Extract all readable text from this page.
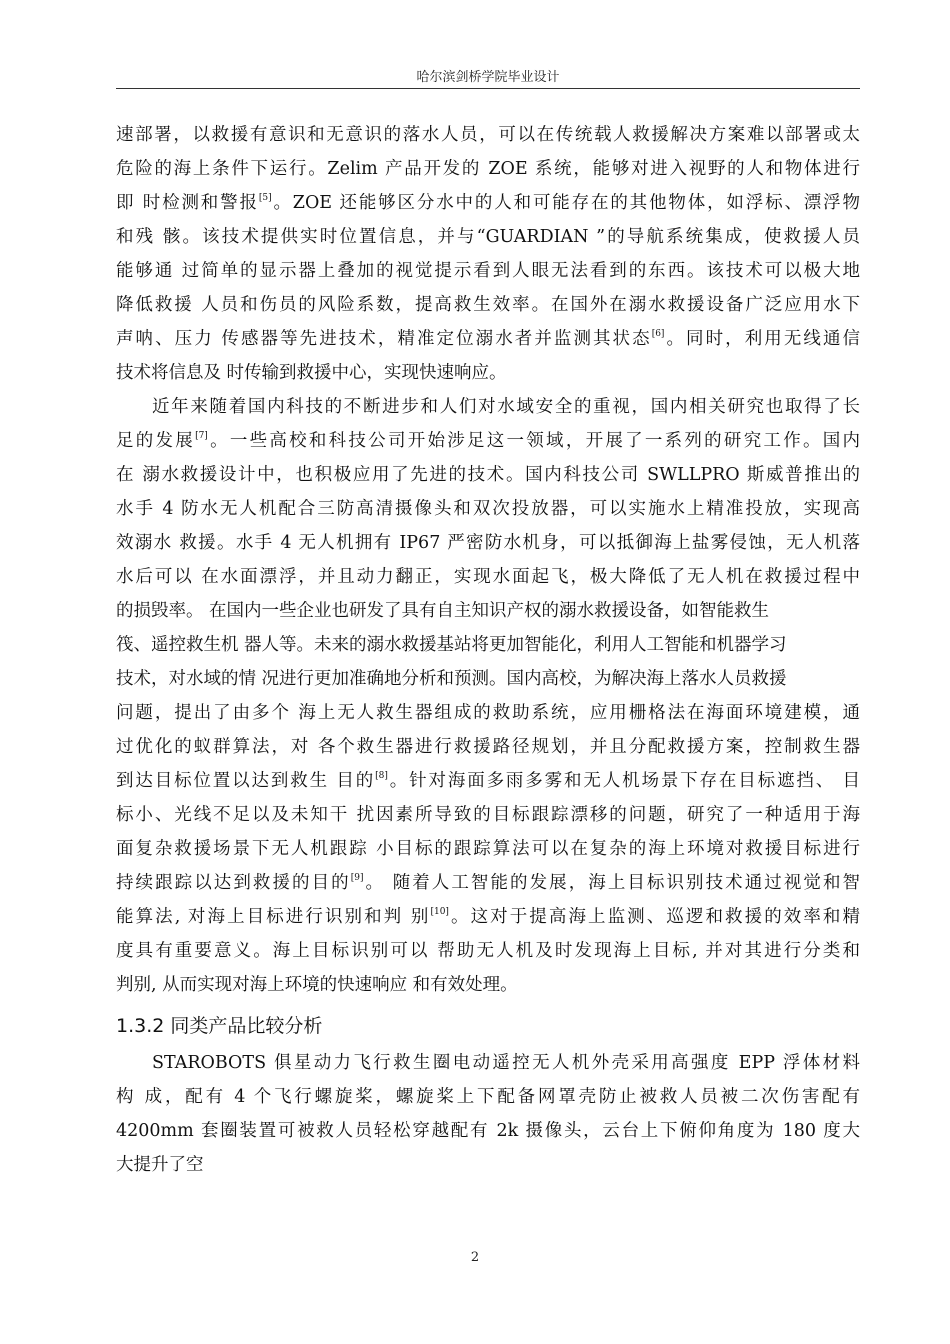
哈尔滨剑桥学院毕业设计
速部署，以救援有意识和无意识的落水人员，可以在传统载人救援解决方案难以部署或太
危险的海上条件下运行。Zelim 产品开发的 ZOE 系统，能够对进入视野的人和物体进行
即 时检测和警报[5]。ZOE 还能够区分水中的人和可能存在的其他物体，如浮标、漂浮物
和残 骸。该技术提供实时位置信息，并与“GUARDIAN ”的导航系统集成，使救援人员
能够通 过简单的显示器上叠加的视觉提示看到人眼无法看到的东西。该技术可以极大地
降低救援 人员和伤员的风险系数，提高救生效率。在国外在溺水救援设备广泛应用水下
声呐、压力 传感器等先进技术，精准定位溺水者并监测其状态[6]。同时，利用无线通信
技术将信息及 时传输到救援中心，实现快速响应。
近年来随着国内科技的不断进步和人们对水域安全的重视，国内相关研究也取得了长
足的发展[7]。一些高校和科技公司开始涉足这一领域，开展了一系列的研究工作。国内
在 溺水救援设计中，也积极应用了先进的技术。国内科技公司 SWLLPRO 斯威普推出的
水手 4 防水无人机配合三防高清摄像头和双次投放器，可以实施水上精准投放，实现高
效溺水 救援。水手 4 无人机拥有 IP67 严密防水机身，可以抵御海上盐雾侵蚀，无人机落
水后可以 在水面漂浮，并且动力翻正，实现水面起飞，极大降低了无人机在救援过程中
的损毁率。 在国内一些企业也研发了具有自主知识产权的溺水救援设备，如智能救生
筏、遥控救生机 器人等。未来的溺水救援基站将更加智能化，利用人工智能和机器学习
技术，对水域的情 况进行更加准确地分析和预测。国内高校，为解决海上落水人员救援
问题，提出了由多个 海上无人救生器组成的救助系统，应用栅格法在海面环境建模，通
过优化的蚁群算法，对 各个救生器进行救援路径规划，并且分配救援方案，控制救生器
到达目标位置以达到救生 目的[8]。针对海面多雨多雾和无人机场景下存在目标遮挡、 目
标小、光线不足以及未知干 扰因素所导致的目标跟踪漂移的问题，研究了一种适用于海
面复杂救援场景下无人机跟踪 小目标的跟踪算法可以在复杂的海上环境对救援目标进行
持续跟踪以达到救援的目的[9]。 随着人工智能的发展，海上目标识别技术通过视觉和智
能算法, 对海上目标进行识别和判 别[10]。这对于提高海上监测、巡逻和救援的效率和精
度具有重要意义。海上目标识别可以 帮助无人机及时发现海上目标, 并对其进行分类和
判别, 从而实现对海上环境的快速响应 和有效处理。
1.3.2 同类产品比较分析
STAROBOTS 俱星动力飞行救生圈电动遥控无人机外壳采用高强度 EPP 浮体材料
构 成，配有 4 个飞行螺旋桨，螺旋桨上下配备网罩壳防止被救人员被二次伤害配有
4200mm 套圈装置可被救人员轻松穿越配有 2k 摄像头，云台上下俯仰角度为 180 度大
大提升了空
2
